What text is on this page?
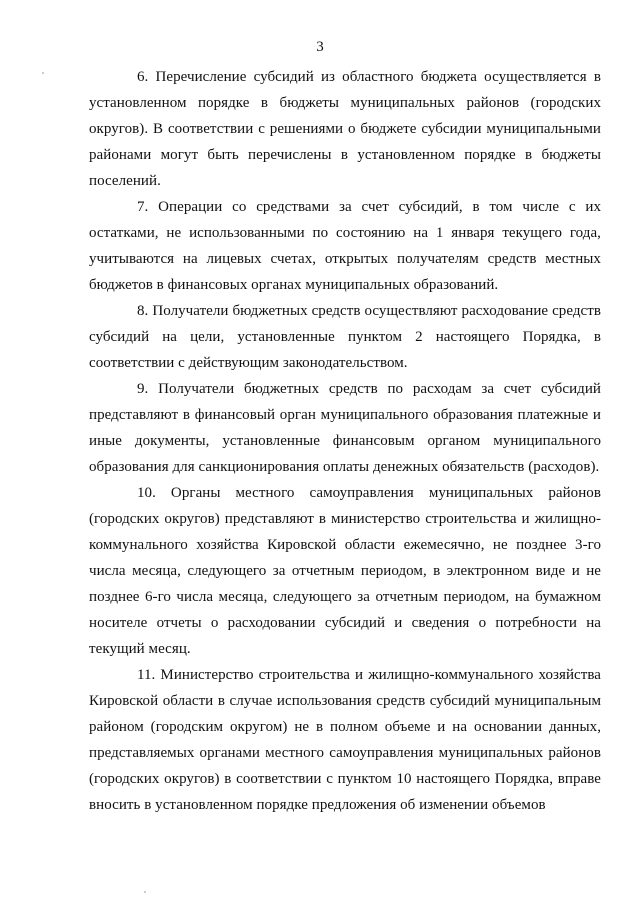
3

6. Перечисление субсидий из областного бюджета осуществляется в установленном порядке в бюджеты муниципальных районов (городских округов). В соответствии с решениями о бюджете субсидии муниципальными районами могут быть перечислены в установленном порядке в бюджеты поселений.

7. Операции со средствами за счет субсидий, в том числе с их остатками, не использованными по состоянию на 1 января текущего года, учитываются на лицевых счетах, открытых получателям средств местных бюджетов в финансовых органах муниципальных образований.

8. Получатели бюджетных средств осуществляют расходование средств субсидий на цели, установленные пунктом 2 настоящего Порядка, в соответствии с действующим законодательством.

9. Получатели бюджетных средств по расходам за счет субсидий представляют в финансовый орган муниципального образования платежные и иные документы, установленные финансовым органом муниципального образования для санкционирования оплаты денежных обязательств (расходов).

10. Органы местного самоуправления муниципальных районов (городских округов) представляют в министерство строительства и жилищно-коммунального хозяйства Кировской области ежемесячно, не позднее 3-го числа месяца, следующего за отчетным периодом, в электронном виде и не позднее 6-го числа месяца, следующего за отчетным периодом, на бумажном носителе отчеты о расходовании субсидий и сведения о потребности на текущий месяц.

11. Министерство строительства и жилищно-коммунального хозяйства Кировской области в случае использования средств субсидий муниципальным районом (городским округом) не в полном объеме и на основании данных, представляемых органами местного самоуправления муниципальных районов (городских округов) в соответствии с пунктом 10 настоящего Порядка, вправе вносить в установленном порядке предложения об изменении объемов
